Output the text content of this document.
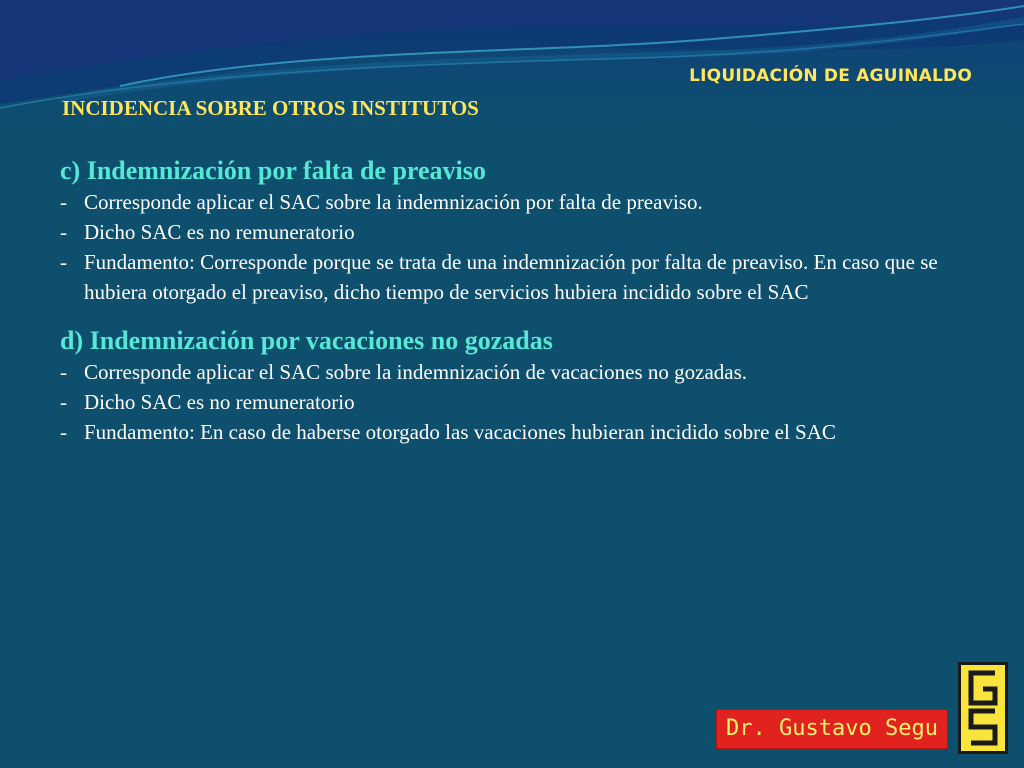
LIQUIDACIÓN DE AGUINALDO
INCIDENCIA SOBRE OTROS INSTITUTOS
c) Indemnización por falta de preaviso
- Corresponde aplicar el SAC sobre la indemnización por falta de preaviso.
- Dicho SAC es no remuneratorio
- Fundamento: Corresponde porque se trata de una indemnización por falta de preaviso. En caso que se hubiera otorgado el preaviso, dicho tiempo de servicios hubiera incidido sobre el SAC
d) Indemnización por vacaciones no gozadas
- Corresponde aplicar el SAC sobre la indemnización de vacaciones no gozadas.
- Dicho SAC es no remuneratorio
- Fundamento: En caso de haberse otorgado las vacaciones hubieran incidido sobre el SAC
Dr. Gustavo Segu
